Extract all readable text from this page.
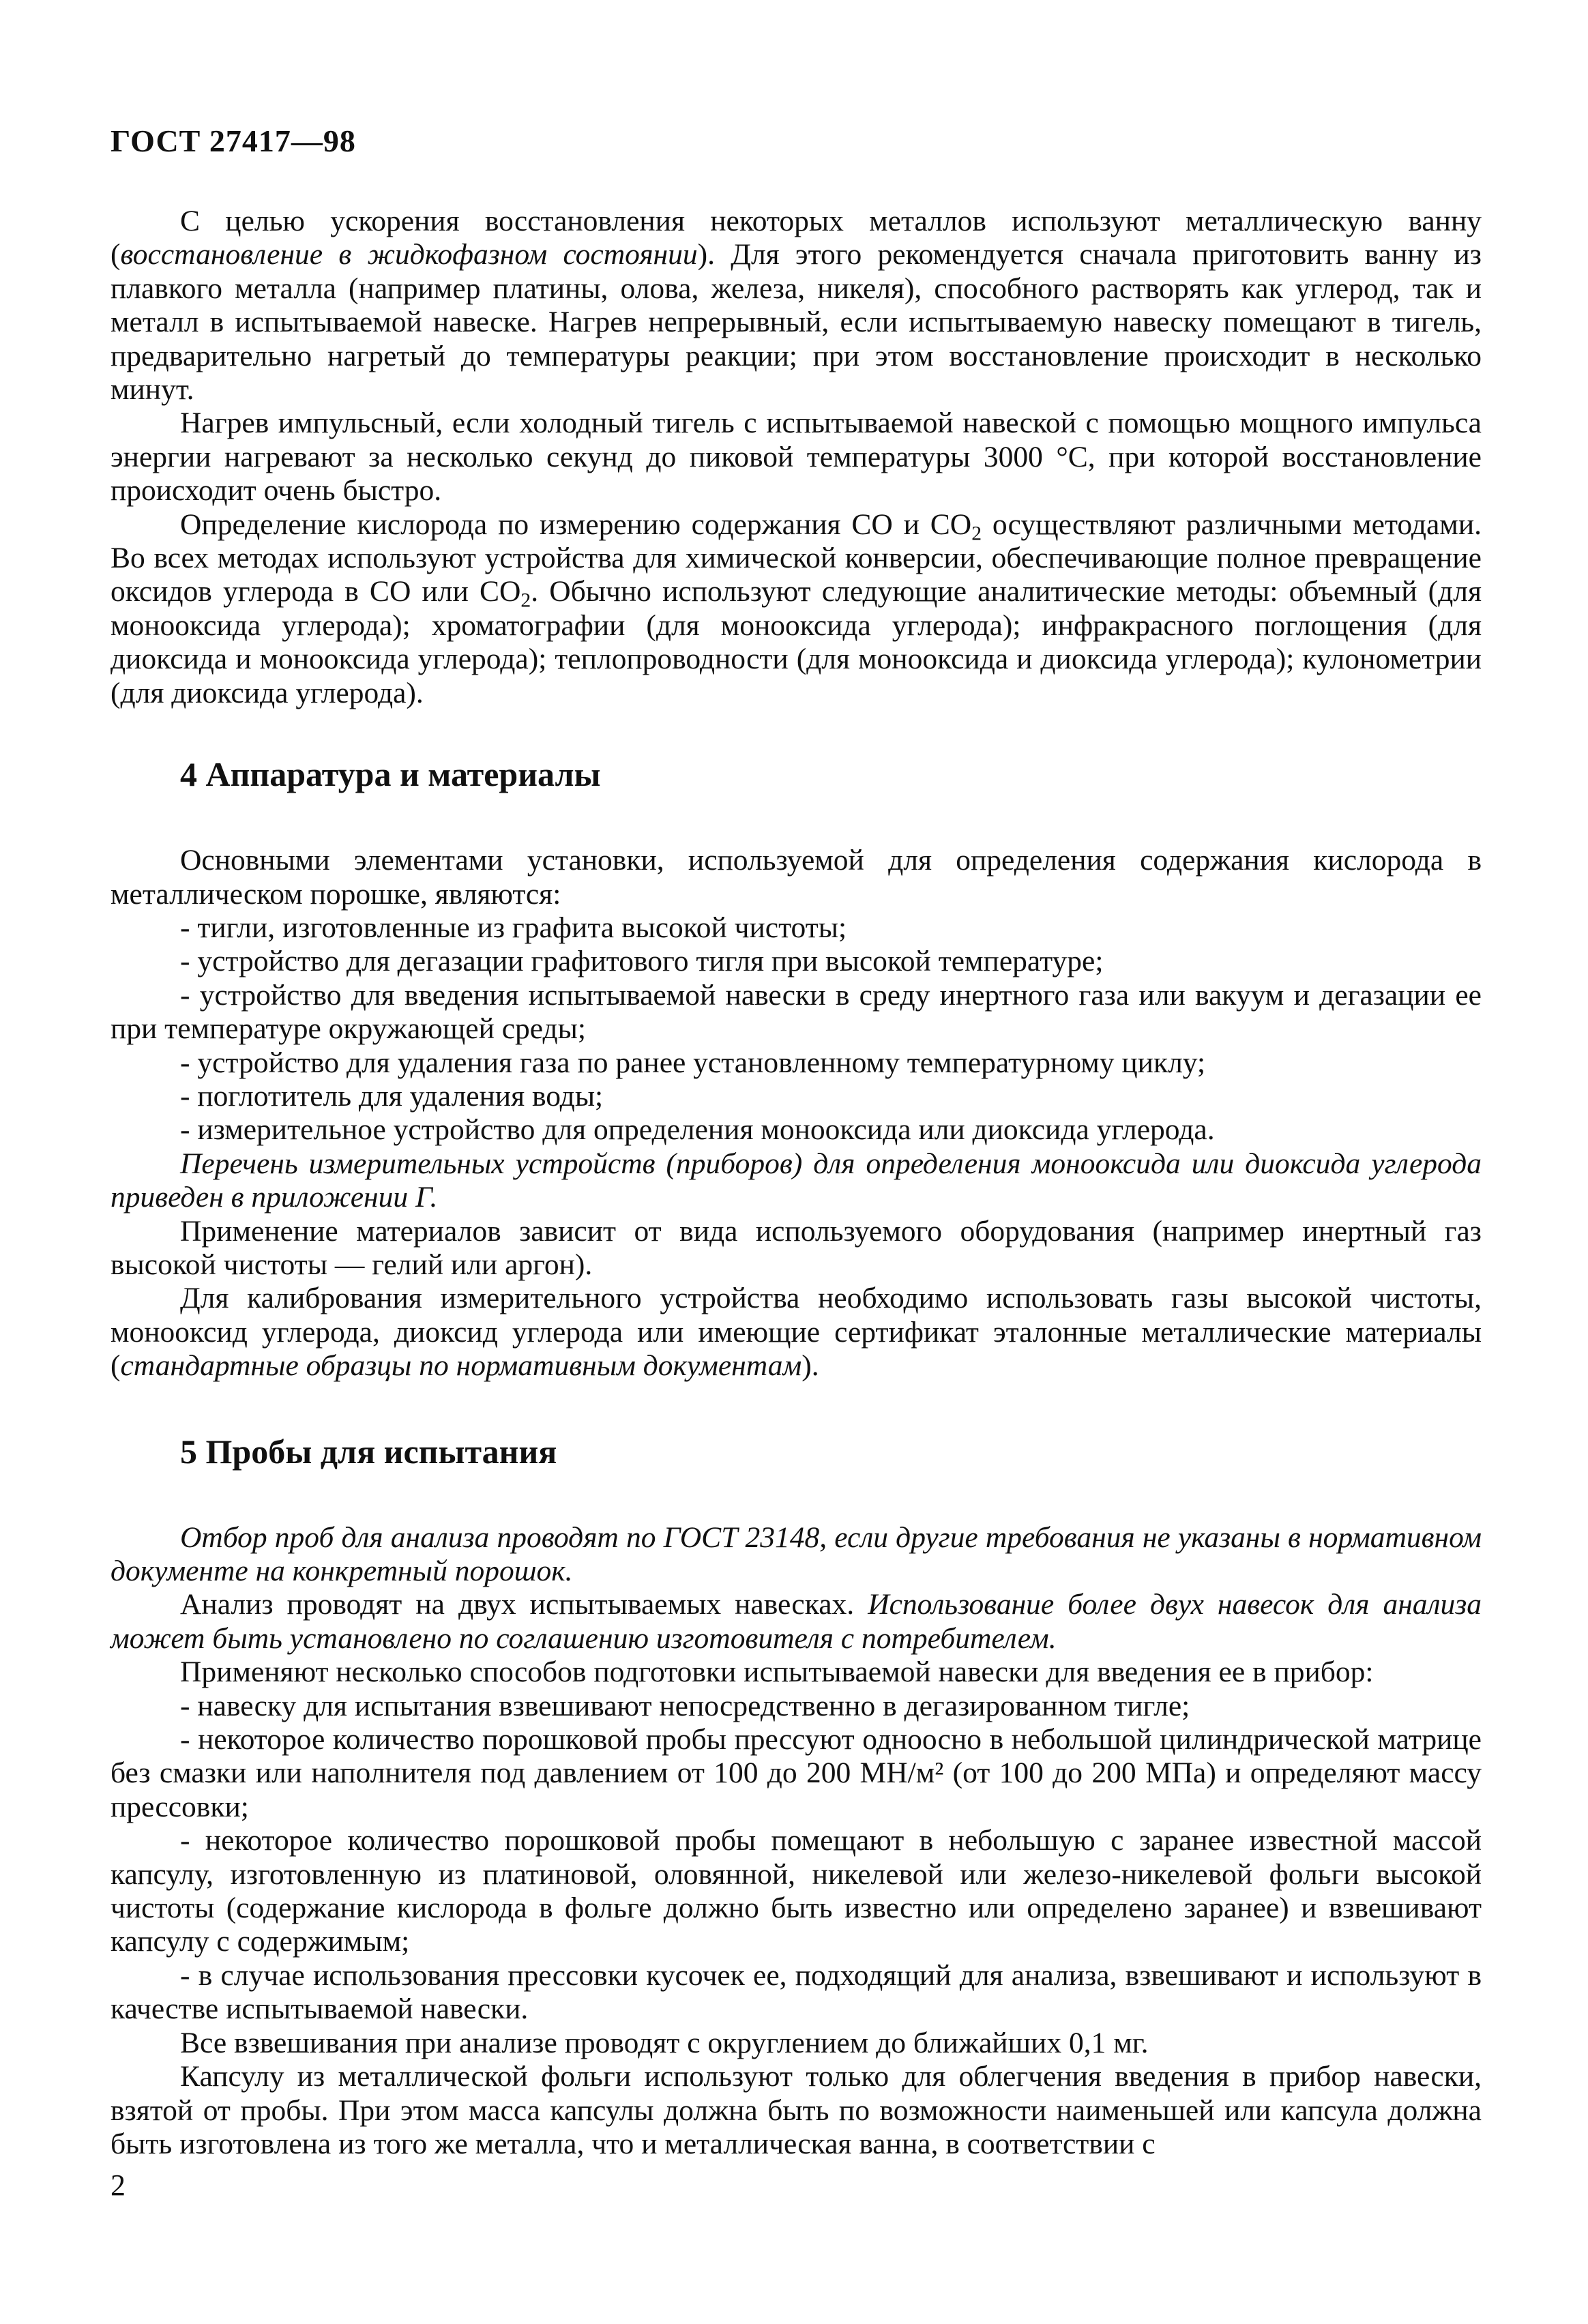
ГОСТ 27417—98

С целью ускорения восстановления некоторых металлов используют металлическую ванну (восстановление в жидкофазном состоянии). Для этого рекомендуется сначала приготовить ванну из плавкого металла (например платины, олова, железа, никеля), способного растворять как углерод, так и металл в испытываемой навеске. Нагрев непрерывный, если испытываемую навеску помещают в тигель, предварительно нагретый до температуры реакции; при этом восстановление происходит в несколько минут.

Нагрев импульсный, если холодный тигель с испытываемой навеской с помощью мощного импульса энергии нагревают за несколько секунд до пиковой температуры 3000 °С, при которой восстановление происходит очень быстро.

Определение кислорода по измерению содержания СО и $СО_2$ осуществляют различными методами. Во всех методах используют устройства для химической конверсии, обеспечивающие полное превращение оксидов углерода в СО или $СО_2$. Обычно используют следующие аналитические методы: объемный (для монооксида углерода); хроматографии (для монооксида углерода); инфракрасного поглощения (для диоксида и монооксида углерода); теплопроводности (для монооксида и диоксида углерода); кулонометрии (для диоксида углерода).

4 Аппаратура и материалы

Основными элементами установки, используемой для определения содержания кислорода в металлическом порошке, являются:

- тигли, изготовленные из графита высокой чистоты;

- устройство для дегазации графитового тигля при высокой температуре;

- устройство для введения испытываемой навески в среду инертного газа или вакуум и дегазации ее при температуре окружающей среды;

- устройство для удаления газа по ранее установленному температурному циклу;

- поглотитель для удаления воды;

- измерительное устройство для определения монооксида или диоксида углерода.

Перечень измерительных устройств (приборов) для определения монооксида или диоксида углерода приведен в приложении Г.

Применение материалов зависит от вида используемого оборудования (например инертный газ высокой чистоты — гелий или аргон).

Для калибрования измерительного устройства необходимо использовать газы высокой чистоты, монооксид углерода, диоксид углерода или имеющие сертификат эталонные металлические материалы (стандартные образцы по нормативным документам).

5 Пробы для испытания

Отбор проб для анализа проводят по ГОСТ 23148, если другие требования не указаны в нормативном документе на конкретный порошок.

Анализ проводят на двух испытываемых навесках. Использование более двух навесок для анализа может быть установлено по соглашению изготовителя с потребителем.

Применяют несколько способов подготовки испытываемой навески для введения ее в прибор:

- навеску для испытания взвешивают непосредственно в дегазированном тигле;

- некоторое количество порошковой пробы прессуют одноосно в небольшой цилиндрической матрице без смазки или наполнителя под давлением от 100 до 200 МН/м² (от 100 до 200 МПа) и определяют массу прессовки;

- некоторое количество порошковой пробы помещают в небольшую с заранее известной массой капсулу, изготовленную из платиновой, оловянной, никелевой или железо-никелевой фольги высокой чистоты (содержание кислорода в фольге должно быть известно или определено заранее) и взвешивают капсулу с содержимым;

- в случае использования прессовки кусочек ее, подходящий для анализа, взвешивают и используют в качестве испытываемой навески.

Все взвешивания при анализе проводят с округлением до ближайших 0,1 мг.

Капсулу из металлической фольги используют только для облегчения введения в прибор навески, взятой от пробы. При этом масса капсулы должна быть по возможности наименьшей или капсула должна быть изготовлена из того же металла, что и металлическая ванна, в соответствии с

2
